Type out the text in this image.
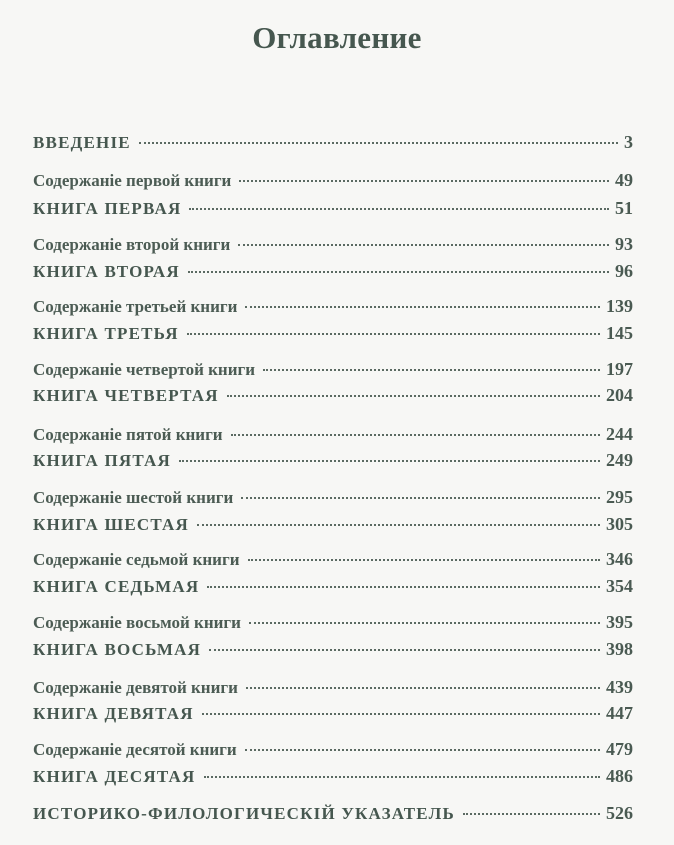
Оглавление
ВВЕДЕНІЕ	3
Содержаніе первой книги	49
КНИГА ПЕРВАЯ	51
Содержаніе второй книги	93
КНИГА ВТОРАЯ	96
Содержаніе третьей книги	139
КНИГА ТРЕТЬЯ	145
Содержаніе четвертой книги	197
КНИГА ЧЕТВЕРТАЯ	204
Содержаніе пятой книги	244
КНИГА ПЯТАЯ	249
Содержаніе шестой книги	295
КНИГА ШЕСТАЯ	305
Содержаніе седьмой книги	346
КНИГА СЕДЬМАЯ	354
Содержаніе восьмой книги	395
КНИГА ВОСЬМАЯ	398
Содержаніе девятой книги	439
КНИГА ДЕВЯТАЯ	447
Содержаніе десятой книги	479
КНИГА ДЕСЯТАЯ	486
ИСТОРИКО-ФИЛОЛОГИЧЕСКІЙ УКАЗАТЕЛЬ	526
